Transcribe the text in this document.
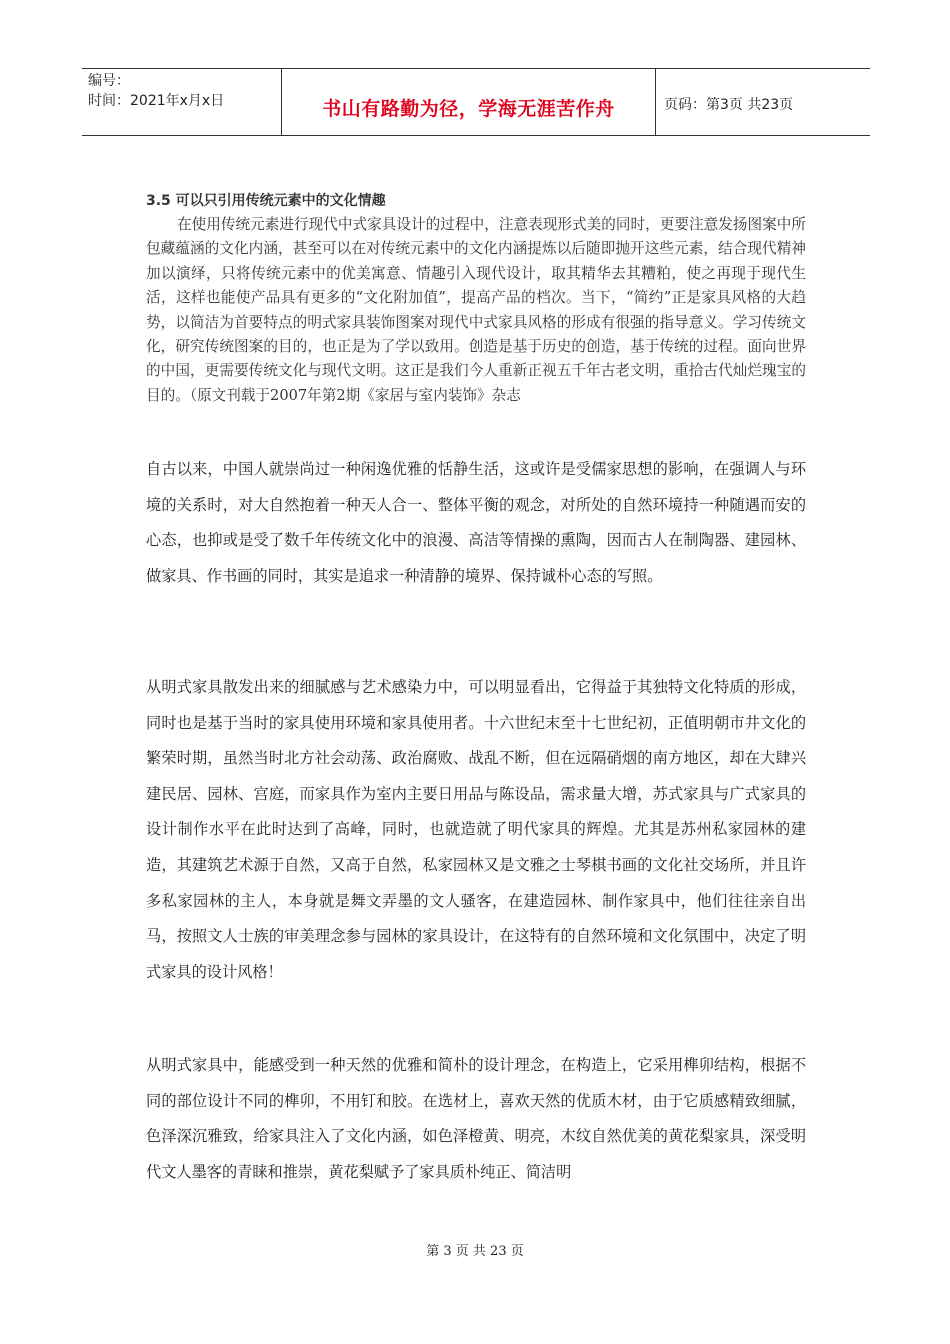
编号：
时间：2021年x月x日	书山有路勤为径，学海无涯苦作舟	页码：第3页 共23页
3.5 可以只引用传统元素中的文化情趣
在使用传统元素进行现代中式家具设计的过程中，注意表现形式美的同时，更要注意发扬图案中所包藏蕴涵的文化内涵，甚至可以在对传统元素中的文化内涵提炼以后随即抛开这些元素，结合现代精神加以演绎，只将传统元素中的优美寓意、情趣引入现代设计，取其精华去其糟粕，使之再现于现代生活，这样也能使产品具有更多的“文化附加值”，提高产品的档次。当下，“简约”正是家具风格的大趋势，以简洁为首要特点的明式家具装饰图案对现代中式家具风格的形成有很强的指导意义。学习传统文化，研究传统图案的目的，也正是为了学以致用。创造是基于历史的创造，基于传统的过程。面向世界的中国，更需要传统文化与现代文明。这正是我们今人重新正视五千年古老文明，重拾古代灿烂瑰宝的目的。（原文刊载于2007年第2期《家居与室内装饰》杂志
自古以来，中国人就崇尚过一种闲逸优雅的恬静生活，这或许是受儒家思想的影响，在强调人与环境的关系时，对大自然抱着一种天人合一、整体平衡的观念，对所处的自然环境持一种随遇而安的心态，也抑或是受了数千年传统文化中的浪漫、高洁等情操的熏陶，因而古人在制陶器、建园林、做家具、作书画的同时，其实是追求一种清静的境界、保持诚朴心态的写照。
从明式家具散发出来的细腻感与艺术感染力中，可以明显看出，它得益于其独特文化特质的形成，同时也是基于当时的家具使用环境和家具使用者。十六世纪末至十七世纪初，正值明朝市井文化的繁荣时期，虽然当时北方社会动荡、政治腐败、战乱不断，但在远隔硝烟的南方地区，却在大肆兴建民居、园林、宫庭，而家具作为室内主要日用品与陈设品，需求量大增，苏式家具与广式家具的设计制作水平在此时达到了高峰，同时，也就造就了明代家具的辉煌。尤其是苏州私家园林的建造，其建筑艺术源于自然，又高于自然，私家园林又是文雅之士琴棋书画的文化社交场所，并且许多私家园林的主人，本身就是舞文弄墨的文人骚客，在建造园林、制作家具中，他们往往亲自出马，按照文人士族的审美理念参与园林的家具设计，在这特有的自然环境和文化氛围中，决定了明式家具的设计风格！
从明式家具中，能感受到一种天然的优雅和简朴的设计理念，在构造上，它采用榫卯结构，根据不同的部位设计不同的榫卯，不用钉和胶。在选材上，喜欢天然的优质木材，由于它质感精致细腻，色泽深沉雅致，给家具注入了文化内涵，如色泽橙黄、明亮，木纹自然优美的黄花梨家具，深受明代文人墨客的青睐和推崇，黄花梨赋予了家具质朴纯正、简洁明
第 3 页 共 23 页
